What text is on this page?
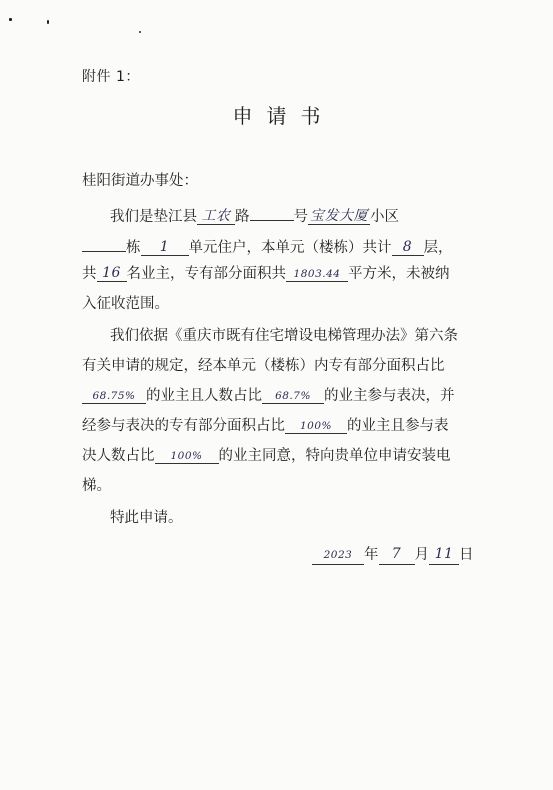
附件 1：
申请书
桂阳街道办事处：
我们是垫江县 工农 路	号 宝发大厦 小区
栋 1 单元住户，本单元（楼栋）共计 8 层，
共 16 名业主，专有部分面积共 1803.44 平方米，未被纳
入征收范围。
我们依据《重庆市既有住宅增设电梯管理办法》第六条
有关申请的规定，经本单元（楼栋）内专有部分面积占比
68.75% 的业主且人数占比 68.7% 的业主参与表决，并
经参与表决的专有部分面积占比 100% 的业主且参与表
决人数占比 100% 的业主同意，特向贵单位申请安装电
梯。
特此申请。
2023 年 7 月 11 日
